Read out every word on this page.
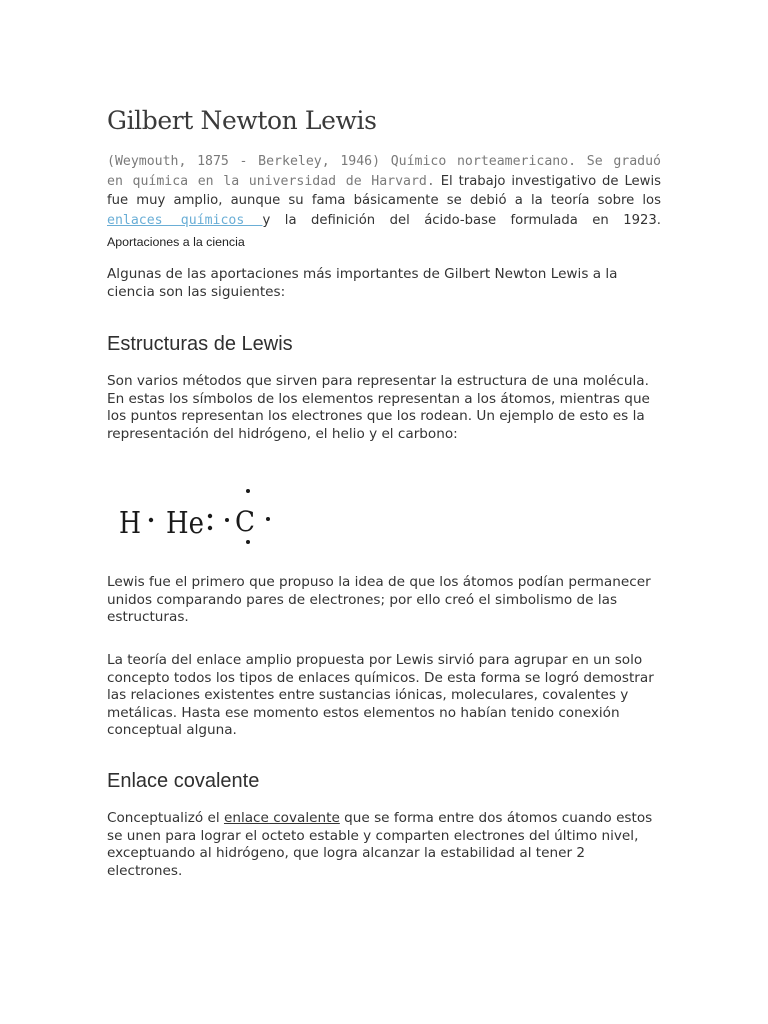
Gilbert Newton Lewis

(Weymouth, 1875 - Berkeley, 1946) Químico norteamericano. Se graduó en química en la universidad de Harvard. El trabajo investigativo de Lewis fue muy amplio, aunque su fama básicamente se debió a la teoría sobre los enlaces químicos y la definición del ácido-base formulada en 1923.

Aportaciones a la ciencia

Algunas de las aportaciones más importantes de Gilbert Newton Lewis a la ciencia son las siguientes:

Estructuras de Lewis

Son varios métodos que sirven para representar la estructura de una molécula. En estas los símbolos de los elementos representan a los átomos, mientras que los puntos representan los electrones que los rodean. Un ejemplo de esto es la representación del hidrógeno, el helio y el carbono:

H He C

Lewis fue el primero que propuso la idea de que los átomos podían permanecer unidos comparando pares de electrones; por ello creó el simbolismo de las estructuras.

La teoría del enlace amplio propuesta por Lewis sirvió para agrupar en un solo concepto todos los tipos de enlaces químicos. De esta forma se logró demostrar las relaciones existentes entre sustancias iónicas, moleculares, covalentes y metálicas. Hasta ese momento estos elementos no habían tenido conexión conceptual alguna.

Enlace covalente

Conceptualizó el enlace covalente que se forma entre dos átomos cuando estos se unen para lograr el octeto estable y comparten electrones del último nivel, exceptuando al hidrógeno, que logra alcanzar la estabilidad al tener 2 electrones.
